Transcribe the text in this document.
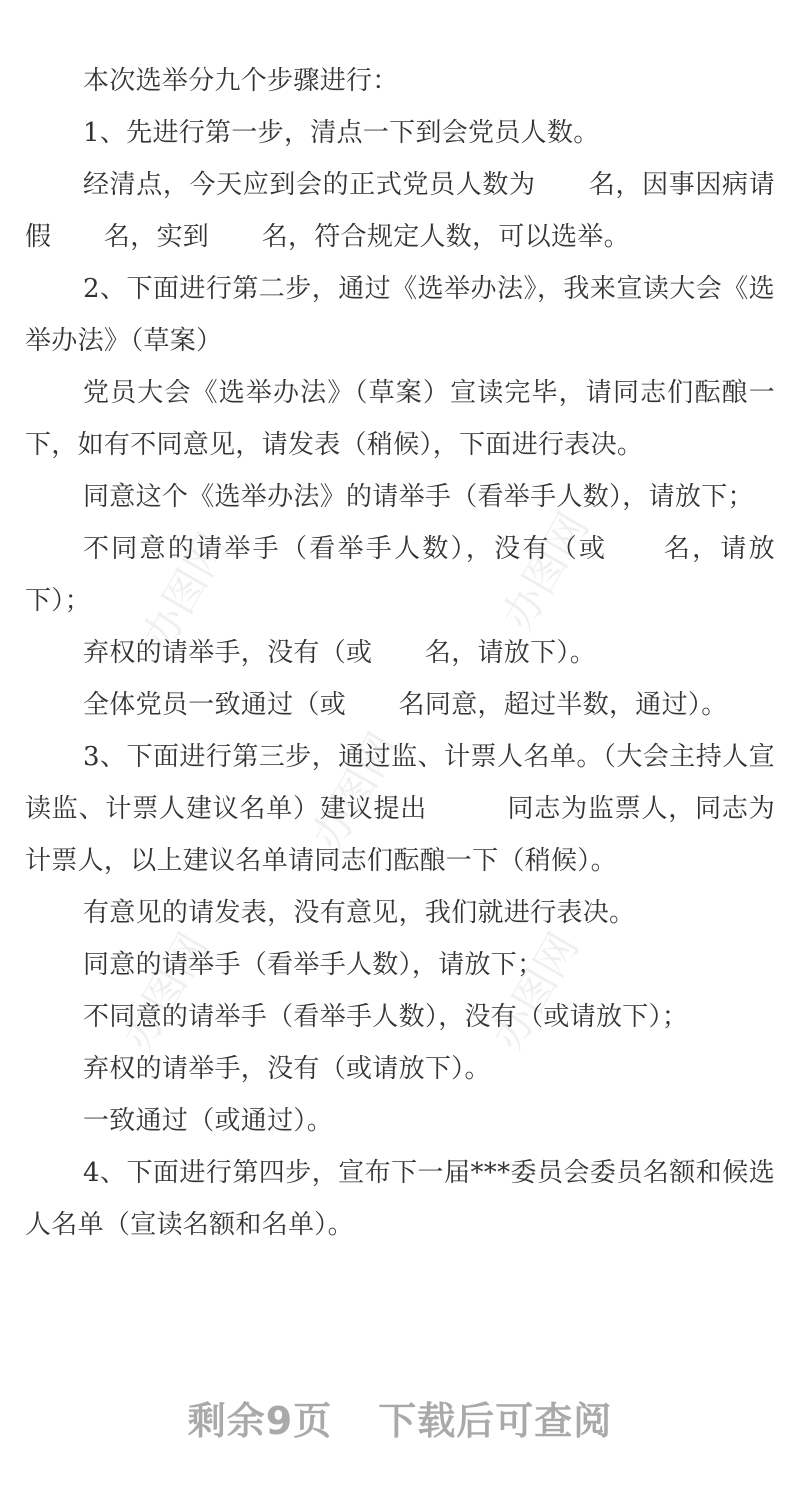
办图网	办图网
办图网
办图网	办图网

本次选举分九个步骤进行：

1、先进行第一步，清点一下到会党员人数。

经清点，今天应到会的正式党员人数为　　名，因事因病请假　　名，实到　　名，符合规定人数，可以选举。

2、下面进行第二步，通过《选举办法》，我来宣读大会《选举办法》（草案）

党员大会《选举办法》（草案）宣读完毕，请同志们酝酿一下，如有不同意见，请发表（稍候），下面进行表决。

同意这个《选举办法》的请举手（看举手人数），请放下；

不同意的请举手（看举手人数），没有（或　　名，请放下）；

弃权的请举手，没有（或　　名，请放下）。

全体党员一致通过（或　　名同意，超过半数，通过）。

3、下面进行第三步，通过监、计票人名单。（大会主持人宣读监、计票人建议名单）建议提出　　　同志为监票人，同志为计票人，以上建议名单请同志们酝酿一下（稍候）。

有意见的请发表，没有意见，我们就进行表决。

同意的请举手（看举手人数），请放下；

不同意的请举手（看举手人数），没有（或请放下）；

弃权的请举手，没有（或请放下）。

一致通过（或通过）。

4、下面进行第四步，宣布下一届***委员会委员名额和候选人名单（宣读名额和名单）。

剩余9页 下载后可查阅
